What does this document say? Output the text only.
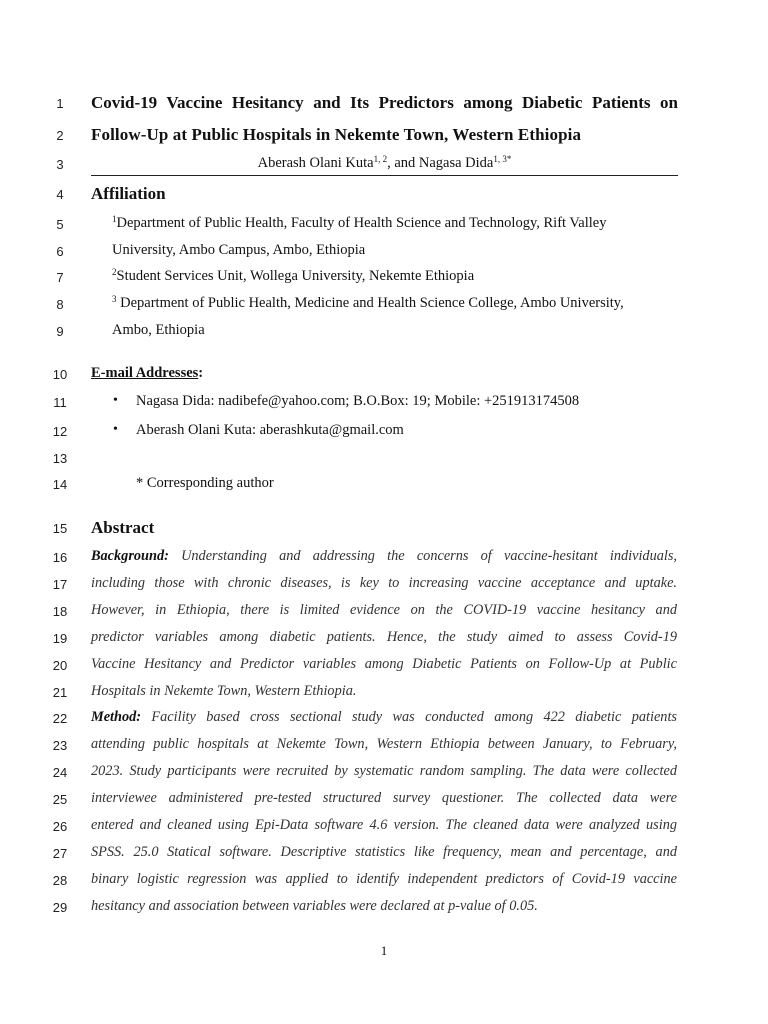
1
2
3
4
5
6
7
8
9
10
11
12
13
14
15
16
17
18
19
20
21
22
23
24
25
26
27
28
29
Covid-19 Vaccine Hesitancy and Its Predictors among Diabetic Patients on
Follow-Up at Public Hospitals in Nekemte Town, Western Ethiopia
Aberash Olani Kuta$^{1, 2}$, and Nagasa Dida$^{1, 3*}$
Affiliation
$^1$Department of Public Health, Faculty of Health Science and Technology, Rift Valley
University, Ambo Campus, Ambo, Ethiopia
$^2$Student Services Unit, Wollega University, Nekemte Ethiopia
$^3$ Department of Public Health, Medicine and Health Science College, Ambo University,
Ambo, Ethiopia
E-mail Addresses:
• Nagasa Dida: nadibefe@yahoo.com; B.O.Box: 19; Mobile: +251913174508
• Aberash Olani Kuta: aberashkuta@gmail.com
* Corresponding author
Abstract
Background: Understanding and addressing the concerns of vaccine-hesitant individuals,
including those with chronic diseases, is key to increasing vaccine acceptance and uptake.
However, in Ethiopia, there is limited evidence on the COVID-19 vaccine hesitancy and
predictor variables among diabetic patients. Hence, the study aimed to assess Covid-19
Vaccine Hesitancy and Predictor variables among Diabetic Patients on Follow-Up at Public
Hospitals in Nekemte Town, Western Ethiopia.
Method: Facility based cross sectional study was conducted among 422 diabetic patients
attending public hospitals at Nekemte Town, Western Ethiopia between January, to February,
2023. Study participants were recruited by systematic random sampling. The data were collected
interviewee administered pre-tested structured survey questioner. The collected data were
entered and cleaned using Epi-Data software 4.6 version. The cleaned data were analyzed using
SPSS. 25.0 Statical software. Descriptive statistics like frequency, mean and percentage, and
binary logistic regression was applied to identify independent predictors of Covid-19 vaccine
hesitancy and association between variables were declared at p-value of 0.05.
1
